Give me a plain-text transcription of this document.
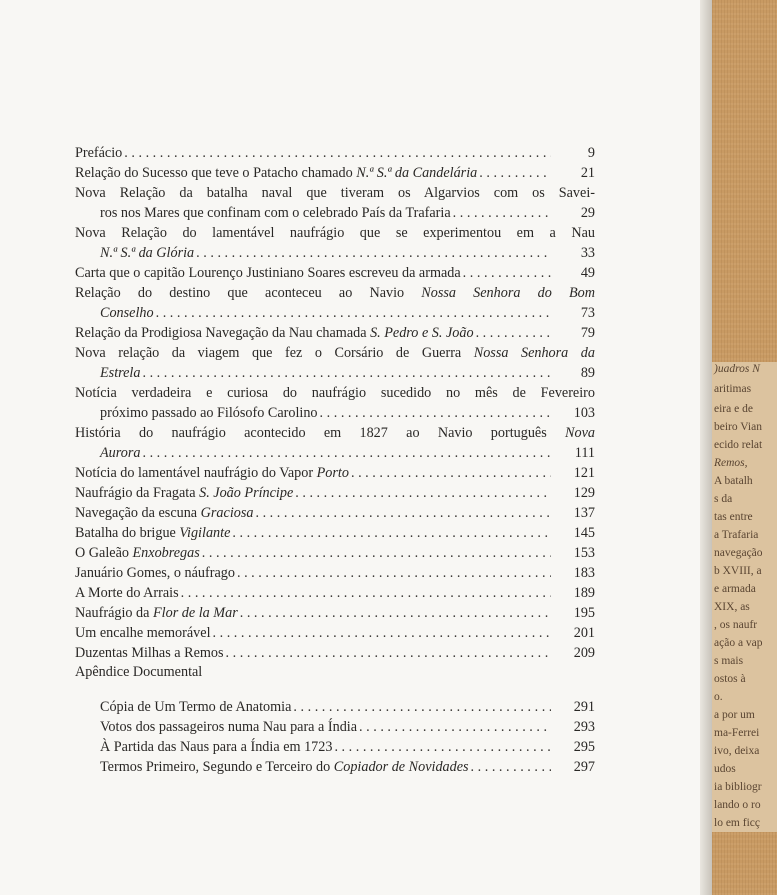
)uadros N
aritimas
eira e de
beiro Vian
ecido relat
Remos,
A batalh
s da
tas entre
a Trafaria
navegação
b XVIII, a
e armada
XIX, as
, os naufr
ação a vap
s mais
ostos à
o.
a por um
ma-Ferrei
ivo, deixa
udos
ia bibliogr
lando o ro
lo em ficç
Prefácio . . .	9
Relação do Sucesso que teve o Patacho chamado N.ª S.ª da Candelária . . .	21
Nova Relação da batalha naval que tiveram os Algarvios com os Savei-
ros nos Mares que confinam com o celebrado País da Trafaria . . .	29
Nova Relação do lamentável naufrágio que se experimentou em a Nau
N.ª S.ª da Glória . . .	33
Carta que o capitão Lourenço Justiniano Soares escreveu da armada . . .	49
Relação do destino que aconteceu ao Navio Nossa Senhora do Bom
Conselho . . .	73
Relação da Prodigiosa Navegação da Nau chamada S. Pedro e S. João . . .	79
Nova relação da viagem que fez o Corsário de Guerra Nossa Senhora da
Estrela . . .	89
Notícia verdadeira e curiosa do naufrágio sucedido no mês de Fevereiro
próximo passado ao Filósofo Carolino . . .	103
História do naufrágio acontecido em 1827 ao Navio português Nova
Aurora . . .	111
Notícia do lamentável naufrágio do Vapor Porto . . .	121
Naufrágio da Fragata S. João Príncipe . . .	129
Navegação da escuna Graciosa . . .	137
Batalha do brigue Vigilante . . .	145
O Galeão Enxobregas . . .	153
Januário Gomes, o náufrago . . .	183
A Morte do Arrais . . .	189
Naufrágio da Flor de la Mar . . .	195
Um encalhe memorável . . .	201
Duzentas Milhas a Remos . . .	209
Apêndice Documental
Cópia de Um Termo de Anatomia . . .	291
Votos dos passageiros numa Nau para a Índia . . .	293
À Partida das Naus para a Índia em 1723 . . .	295
Termos Primeiro, Segundo e Terceiro do Copiador de Novidades . . .	297
